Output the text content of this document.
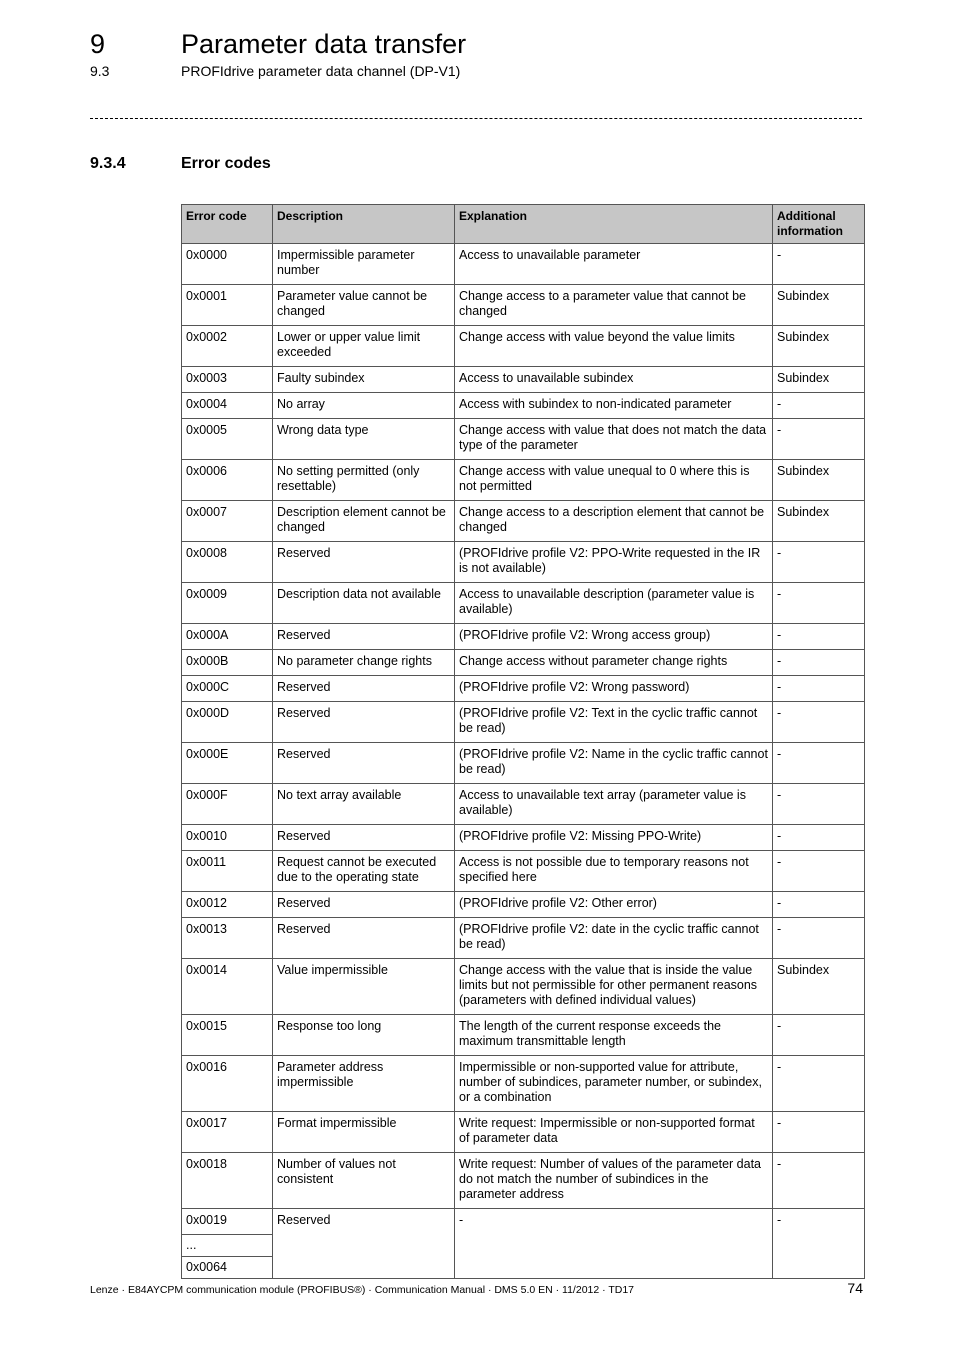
9	Parameter data transfer
9.3	PROFIdrive parameter data channel (DP-V1)
9.3.4	Error codes
Error code	Description	Explanation	Additional information
0x0000	Impermissible parameter number	Access to unavailable parameter	-
0x0001	Parameter value cannot be changed	Change access to a parameter value that cannot be changed	Subindex
0x0002	Lower or upper value limit exceeded	Change access with value beyond the value limits	Subindex
0x0003	Faulty subindex	Access to unavailable subindex	Subindex
0x0004	No array	Access with subindex to non-indicated parameter	-
0x0005	Wrong data type	Change access with value that does not match the data type of the parameter	-
0x0006	No setting permitted (only resettable)	Change access with value unequal to 0 where this is not permitted	Subindex
0x0007	Description element cannot be changed	Change access to a description element that cannot be changed	Subindex
0x0008	Reserved	(PROFIdrive profile V2: PPO-Write requested in the IR is not available)	-
0x0009	Description data not available	Access to unavailable description (parameter value is available)	-
0x000A	Reserved	(PROFIdrive profile V2: Wrong access group)	-
0x000B	No parameter change rights	Change access without parameter change rights	-
0x000C	Reserved	(PROFIdrive profile V2: Wrong password)	-
0x000D	Reserved	(PROFIdrive profile V2: Text in the cyclic traffic cannot be read)	-
0x000E	Reserved	(PROFIdrive profile V2: Name in the cyclic traffic cannot be read)	-
0x000F	No text array available	Access to unavailable text array (parameter value is available)	-
0x0010	Reserved	(PROFIdrive profile V2: Missing PPO-Write)	-
0x0011	Request cannot be executed due to the operating state	Access is not possible due to temporary reasons not specified here	-
0x0012	Reserved	(PROFIdrive profile V2: Other error)	-
0x0013	Reserved	(PROFIdrive profile V2: date in the cyclic traffic cannot be read)	-
0x0014	Value impermissible	Change access with the value that is inside the value limits but not permissible for other permanent reasons (parameters with defined individual values)	Subindex
0x0015	Response too long	The length of the current response exceeds the maximum transmittable length	-
0x0016	Parameter address impermissible	Impermissible or non-supported value for attribute, number of subindices, parameter number, or subindex, or a combination	-
0x0017	Format impermissible	Write request: Impermissible or non-supported format of parameter data	-
0x0018	Number of values not consistent	Write request: Number of values of the parameter data do not match the number of subindices in the parameter address	-
0x0019	Reserved	-	-
...			
0x0064			
Lenze · E84AYCPM communication module (PROFIBUS®) · Communication Manual · DMS 5.0 EN · 11/2012 · TD17	74
